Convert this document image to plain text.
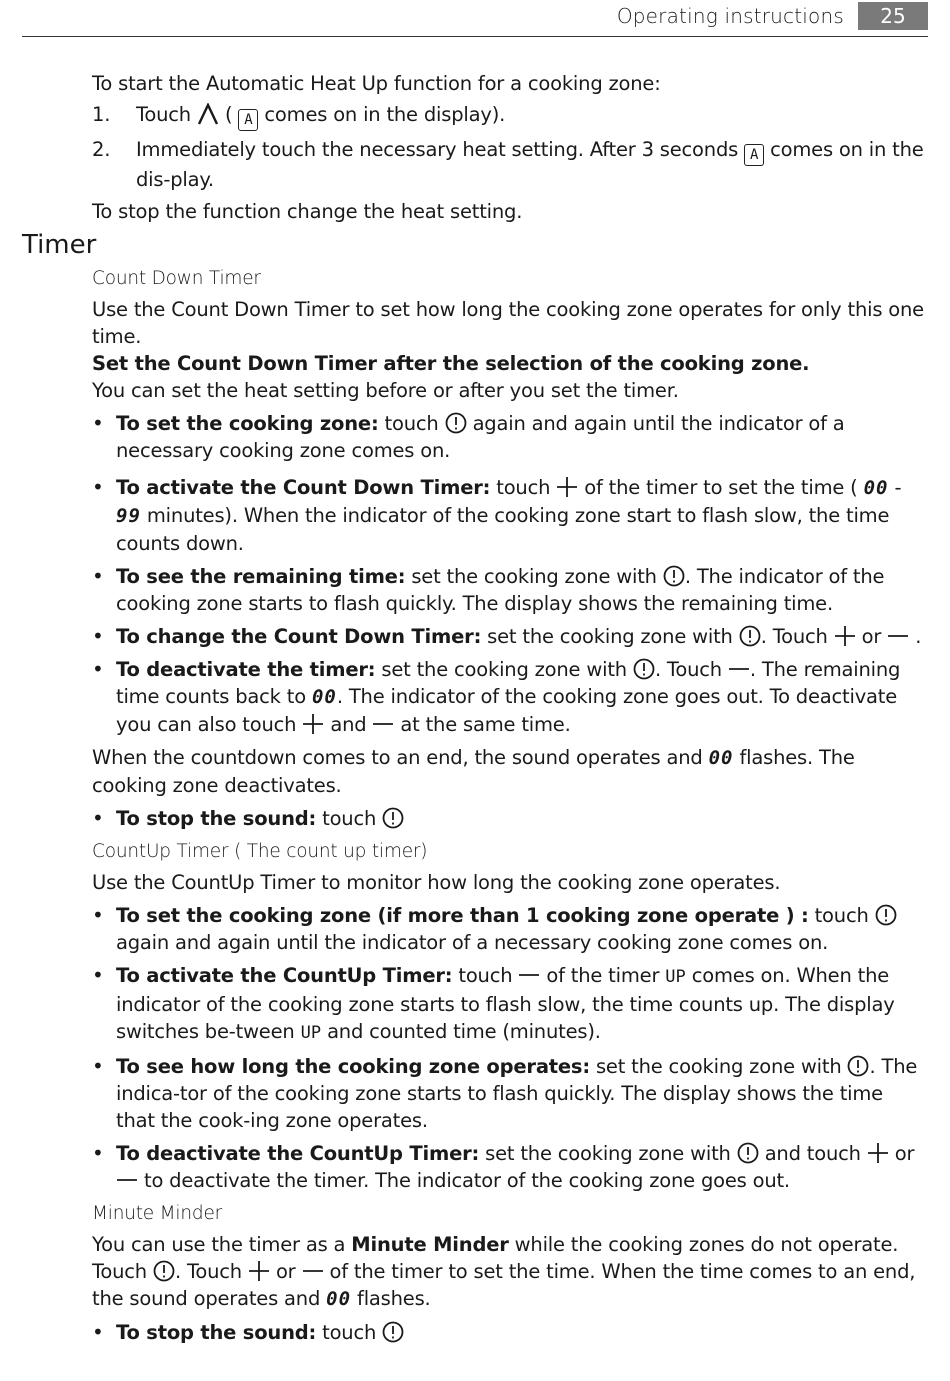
Operating instructions	25
Timer

To start the Automatic Heat Up function for a cooking zone:

1. Touch ( A comes on in the display).
2. Immediately touch the necessary heat setting. After 3 seconds A comes on in the dis-play.

To stop the function change the heat setting.

Count Down Timer

Use the Count Down Timer to set how long the cooking zone operates for only this one time.

Set the Count Down Timer after the selection of the cooking zone.

You can set the heat setting before or after you set the timer.

• To set the cooking zone: touch again and again until the indicator of a necessary cooking zone comes on.
• To activate the Count Down Timer: touch of the timer to set the time ( 00 - 99 minutes). When the indicator of the cooking zone start to flash slow, the time counts down.
• To see the remaining time: set the cooking zone with . The indicator of the cooking zone starts to flash quickly. The display shows the remaining time.
• To change the Count Down Timer: set the cooking zone with . Touch or .
• To deactivate the timer: set the cooking zone with . Touch . The remaining time counts back to 00. The indicator of the cooking zone goes out. To deactivate you can also touch and at the same time.

When the countdown comes to an end, the sound operates and 00 flashes. The cooking zone deactivates.

• To stop the sound: touch
CountUp Timer ( The count up timer)

Use the CountUp Timer to monitor how long the cooking zone operates.

• To set the cooking zone (if more than 1 cooking zone operate ) : touch  again and again until the indicator of a necessary cooking zone comes on.
• To activate the CountUp Timer: touch of the timer UP comes on. When the indicator of the cooking zone starts to flash slow, the time counts up. The display switches be-tween UP and counted time (minutes).
• To see how long the cooking zone operates: set the cooking zone with . The indica-tor of the cooking zone starts to flash quickly. The display shows the time that the cook-ing zone operates.
• To deactivate the CountUp Timer: set the cooking zone with and touch or  to deactivate the timer. The indicator of the cooking zone goes out.
Minute Minder

You can use the timer as a Minute Minder while the cooking zones do not operate. Touch . Touch or of the timer to set the time. When the time comes to an end, the sound operates and 00 flashes.

• To stop the sound: touch
